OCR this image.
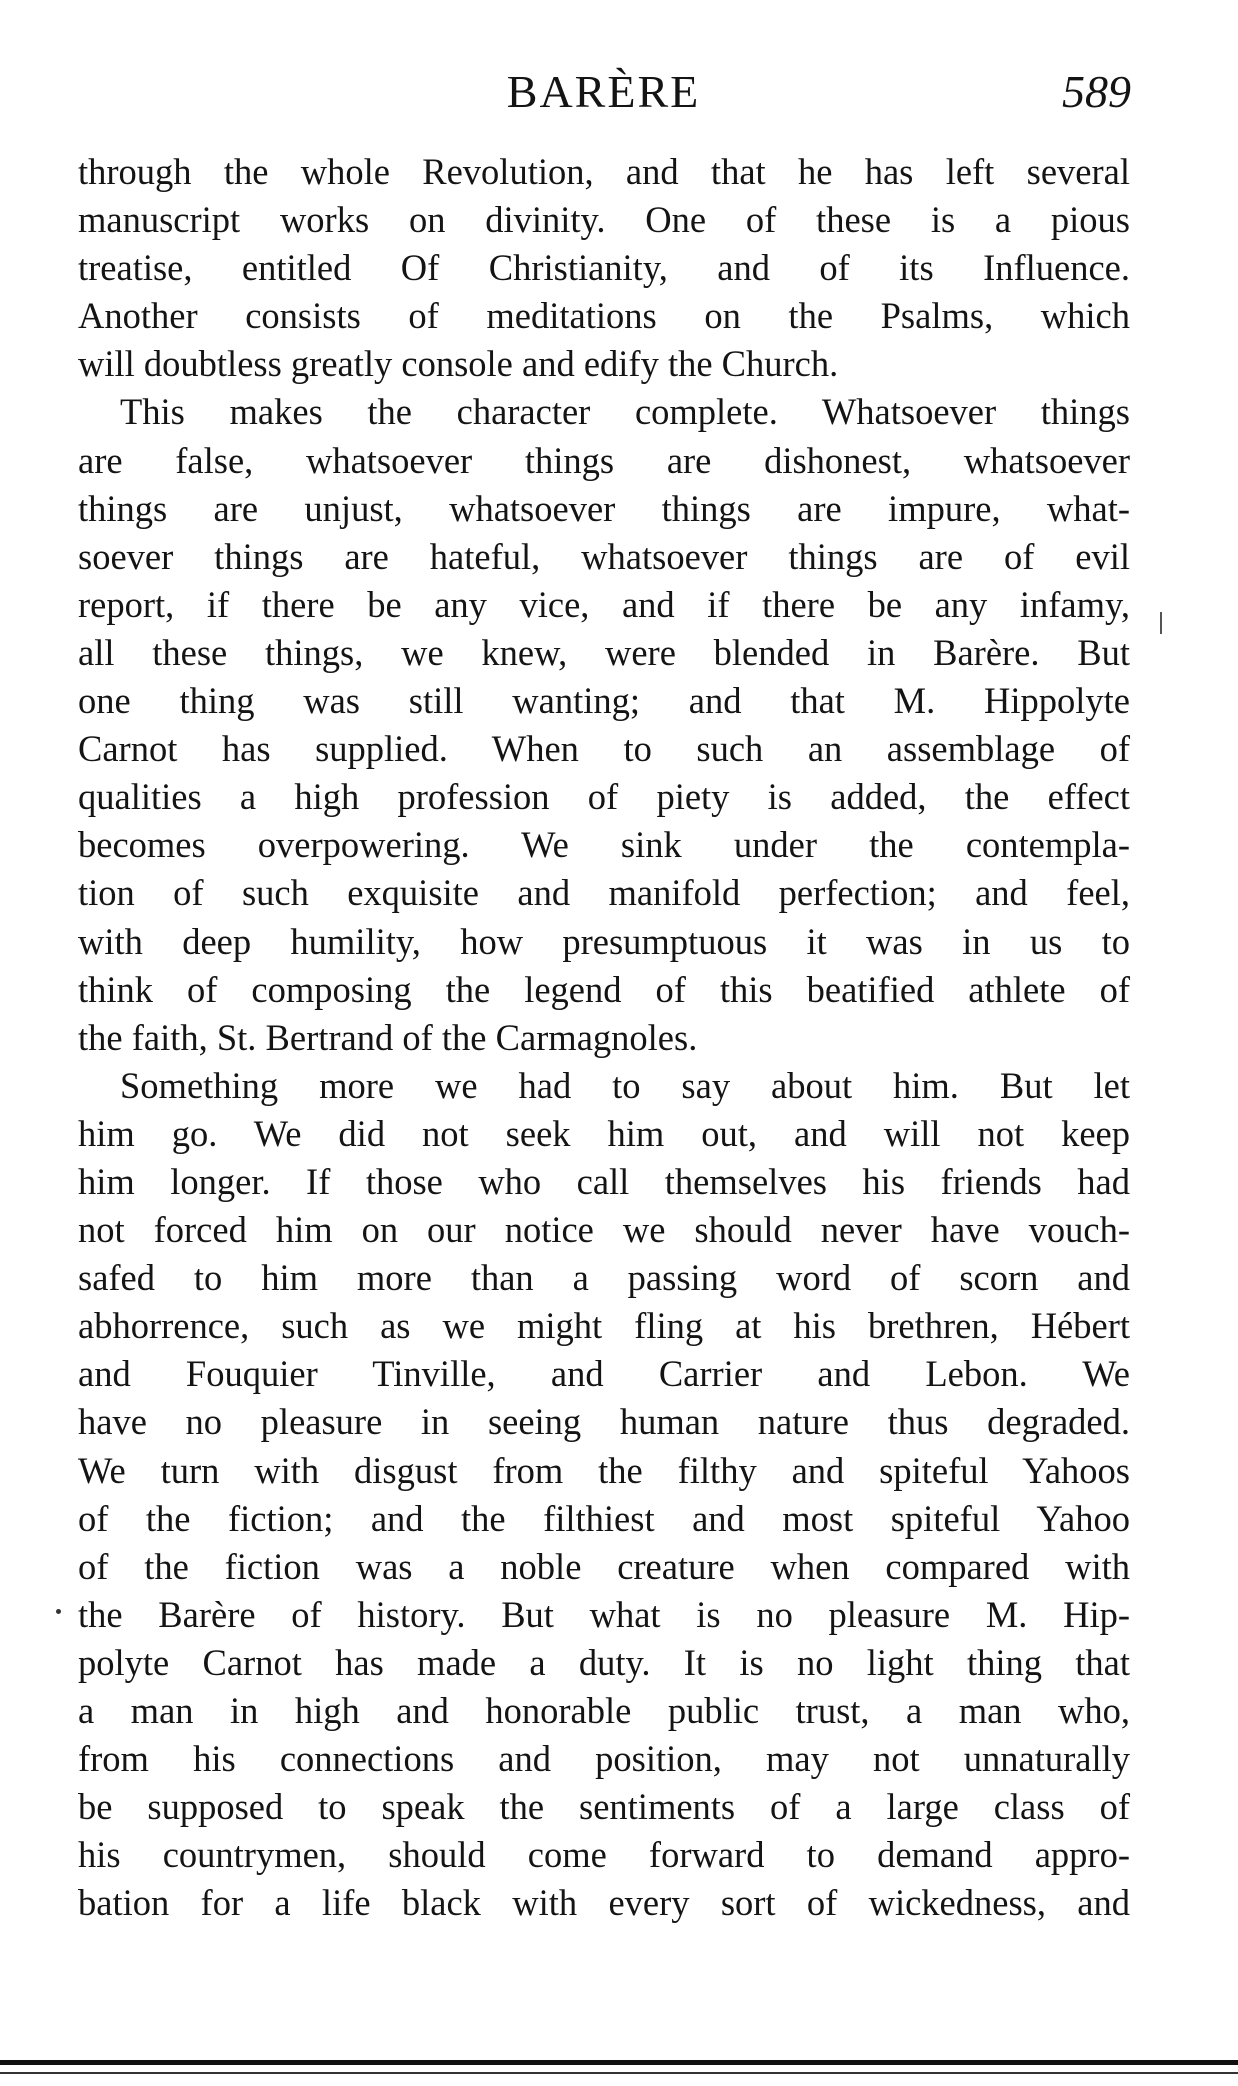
BARÈRE	589
through the whole Revolution, and that he has left several
manuscript works on divinity. One of these is a pious
treatise, entitled Of Christianity, and of its Influence.
Another consists of meditations on the Psalms, which
will doubtless greatly console and edify the Church.
This makes the character complete. Whatsoever things
are false, whatsoever things are dishonest, whatsoever
things are unjust, whatsoever things are impure, what-
soever things are hateful, whatsoever things are of evil
report, if there be any vice, and if there be any infamy,
all these things, we knew, were blended in Barère. But
one thing was still wanting; and that M. Hippolyte
Carnot has supplied. When to such an assemblage of
qualities a high profession of piety is added, the effect
becomes overpowering. We sink under the contempla-
tion of such exquisite and manifold perfection; and feel,
with deep humility, how presumptuous it was in us to
think of composing the legend of this beatified athlete of
the faith, St. Bertrand of the Carmagnoles.
Something more we had to say about him. But let
him go. We did not seek him out, and will not keep
him longer. If those who call themselves his friends had
not forced him on our notice we should never have vouch-
safed to him more than a passing word of scorn and
abhorrence, such as we might fling at his brethren, Hébert
and Fouquier Tinville, and Carrier and Lebon. We
have no pleasure in seeing human nature thus degraded.
We turn with disgust from the filthy and spiteful Yahoos
of the fiction; and the filthiest and most spiteful Yahoo
of the fiction was a noble creature when compared with
the Barère of history. But what is no pleasure M. Hip-
polyte Carnot has made a duty. It is no light thing that
a man in high and honorable public trust, a man who,
from his connections and position, may not unnaturally
be supposed to speak the sentiments of a large class of
his countrymen, should come forward to demand appro-
bation for a life black with every sort of wickedness, and
